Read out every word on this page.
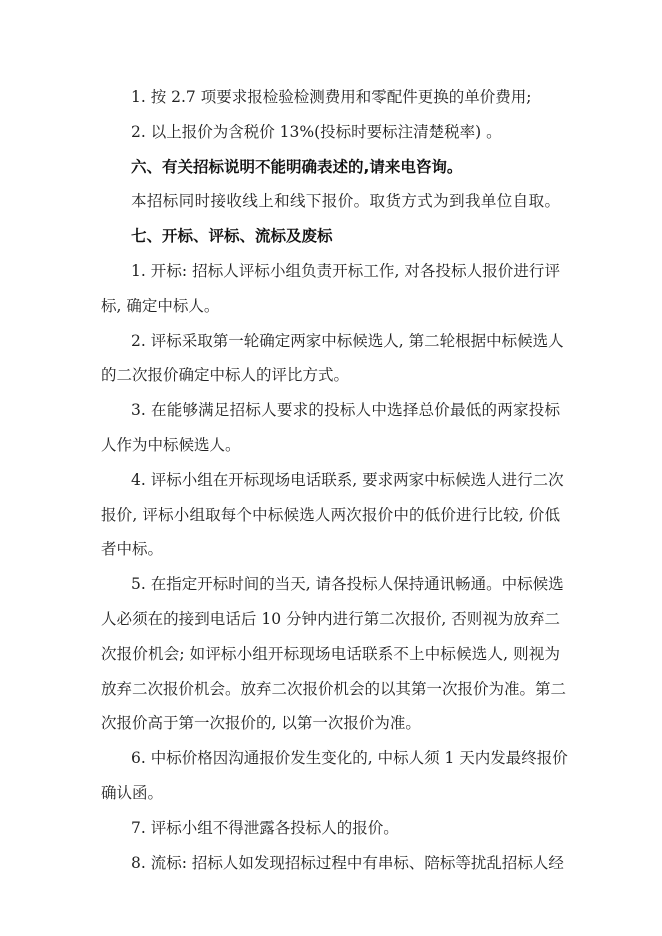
1. 按 2.7 项要求报检验检测费用和零配件更换的单价费用;
2. 以上报价为含税价 13%(投标时要标注清楚税率) 。
六、有关招标说明不能明确表述的,请来电咨询。
本招标同时接收线上和线下报价。取货方式为到我单位自取。
七、开标、评标、流标及废标
1. 开标: 招标人评标小组负责开标工作, 对各投标人报价进行评
标, 确定中标人。
2. 评标采取第一轮确定两家中标候选人, 第二轮根据中标候选人
的二次报价确定中标人的评比方式。
3. 在能够满足招标人要求的投标人中选择总价最低的两家投标
人作为中标候选人。
4. 评标小组在开标现场电话联系, 要求两家中标候选人进行二次
报价, 评标小组取每个中标候选人两次报价中的低价进行比较, 价低
者中标。
5. 在指定开标时间的当天, 请各投标人保持通讯畅通。中标候选
人必须在的接到电话后 10 分钟内进行第二次报价, 否则视为放弃二
次报价机会; 如评标小组开标现场电话联系不上中标候选人, 则视为
放弃二次报价机会。放弃二次报价机会的以其第一次报价为准。第二
次报价高于第一次报价的, 以第一次报价为准。
6. 中标价格因沟通报价发生变化的, 中标人须 1 天内发最终报价
确认函。
7. 评标小组不得泄露各投标人的报价。
8. 流标: 招标人如发现招标过程中有串标、陪标等扰乱招标人经
